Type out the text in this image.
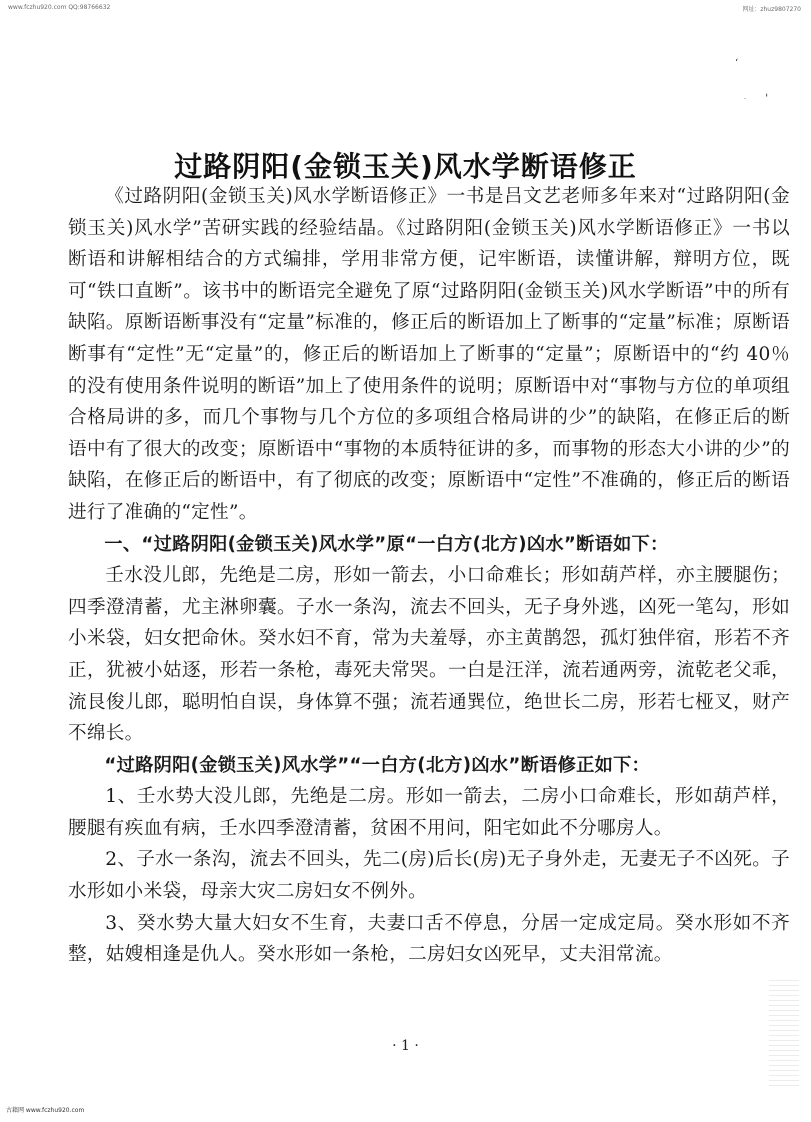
www.fczhu920.com QQ:98766632	网址：zhuz9807270
ʻ
ˈ
·
过路阴阳(金锁玉关)风水学断语修正

《过路阴阳(金锁玉关)风水学断语修正》一书是吕文艺老师多年来对“过路阴阳(金锁玉关)风水学”苦研实践的经验结晶。《过路阴阳(金锁玉关)风水学断语修正》一书以断语和讲解相结合的方式编排，学用非常方便，记牢断语，读懂讲解，辩明方位，既可“铁口直断”。该书中的断语完全避免了原“过路阴阳(金锁玉关)风水学断语”中的所有缺陷。原断语断事没有“定量”标准的，修正后的断语加上了断事的“定量”标准；原断语断事有“定性”无“定量”的，修正后的断语加上了断事的“定量”；原断语中的“约 40％的没有使用条件说明的断语”加上了使用条件的说明；原断语中对“事物与方位的单项组合格局讲的多，而几个事物与几个方位的多项组合格局讲的少”的缺陷，在修正后的断语中有了很大的改变；原断语中“事物的本质特征讲的多，而事物的形态大小讲的少”的缺陷，在修正后的断语中，有了彻底的改变；原断语中“定性”不准确的，修正后的断语进行了准确的“定性”。

一、“过路阴阳(金锁玉关)风水学”原“一白方(北方)凶水”断语如下：

壬水没儿郎，先绝是二房，形如一箭去，小口命难长；形如葫芦样，亦主腰腿伤；四季澄清蓄，尤主淋卵囊。子水一条沟，流去不回头，无子身外逃，凶死一笔勾，形如小米袋，妇女把命休。癸水妇不育，常为夫羞辱，亦主黄鹊怨，孤灯独伴宿，形若不齐正，犹被小姑逐，形若一条枪，毒死夫常哭。一白是汪洋，流若通两旁，流乾老父乖，流艮俊儿郎，聪明怕自误，身体算不强；流若通巽位，绝世长二房，形若七桠叉，财产不绵长。

“过路阴阳(金锁玉关)风水学”“一白方(北方)凶水”断语修正如下：

1、壬水势大没儿郎，先绝是二房。形如一箭去，二房小口命难长，形如葫芦样，腰腿有疾血有病，壬水四季澄清蓄，贫困不用问，阳宅如此不分哪房人。

2、子水一条沟，流去不回头，先二(房)后长(房)无子身外走，无妻无子不凶死。子水形如小米袋，母亲大灾二房妇女不例外。

3、癸水势大量大妇女不生育，夫妻口舌不停息，分居一定成定局。癸水形如不齐整，姑嫂相逢是仇人。癸水形如一条枪，二房妇女凶死早，丈夫泪常流。

· 1 ·
古籍网 www.fczhu920.com
